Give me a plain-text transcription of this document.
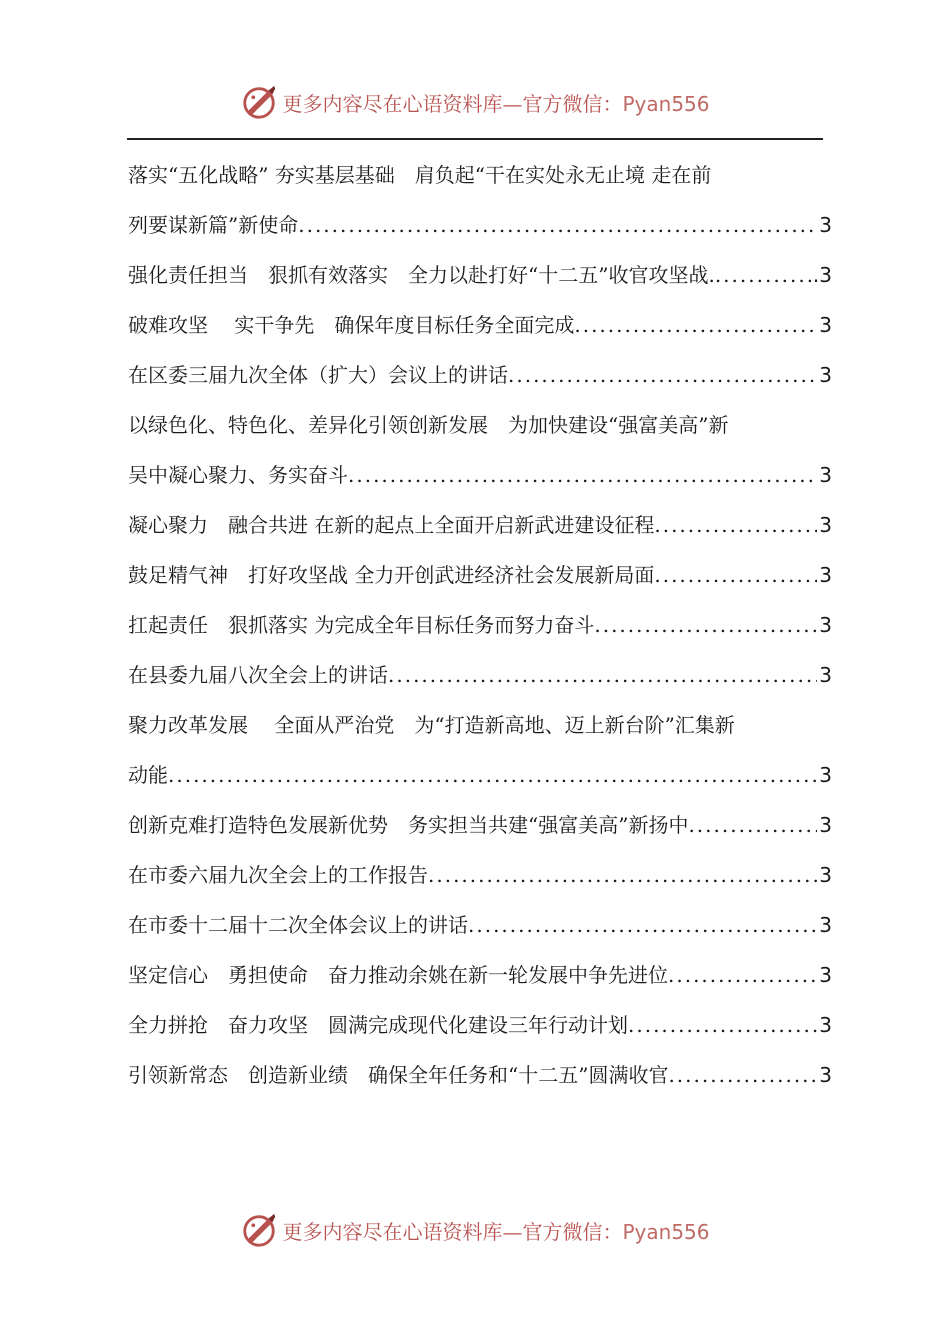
更多内容尽在心语资料库—官方微信：Pyan556
落实“五化战略” 夯实基层基础　肩负起“干在实处永无止境 走在前
列要谋新篇”新使命 .....	3
强化责任担当　狠抓有效落实　全力以赴打好“十二五”收官攻坚战. .....	.3
破难攻坚　 实干争先　确保年度目标任务全面完成 .....	3
在区委三届九次全体（扩大）会议上的讲话 .....	3
以绿色化、特色化、差异化引领创新发展　为加快建设“强富美高”新
吴中凝心聚力、务实奋斗 .....	3
凝心聚力　融合共进 在新的起点上全面开启新武进建设征程 .....	3
鼓足精气神　打好攻坚战 全力开创武进经济社会发展新局面 .....	3
扛起责任　狠抓落实 为完成全年目标任务而努力奋斗 .....	3
在县委九届八次全会上的讲话 .....	3
聚力改革发展　 全面从严治党　为“打造新高地、迈上新台阶”汇集新
动能 .....	3
创新克难打造特色发展新优势　务实担当共建“强富美高”新扬中 .....	3
在市委六届九次全会上的工作报告 .....	3
在市委十二届十二次全体会议上的讲话 .....	3
坚定信心　勇担使命　奋力推动余姚在新一轮发展中争先进位 .....	3
全力拼抢　奋力攻坚　圆满完成现代化建设三年行动计划 .....	3
引领新常态　创造新业绩　确保全年任务和“十二五”圆满收官 .....	3
更多内容尽在心语资料库—官方微信：Pyan556
